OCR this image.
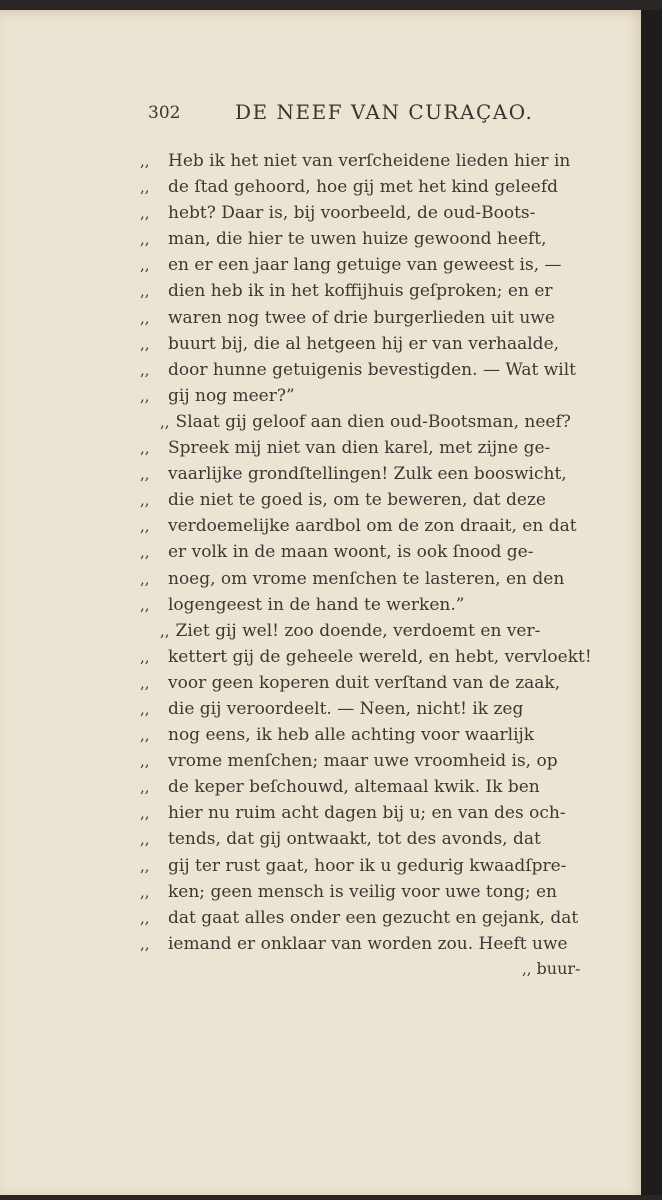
302	DE NEEF VAN CURAÇAO.
,, Heb ik het niet van verſcheidene lieden hier in
,, de ſtad gehoord, hoe gij met het kind geleefd
,, hebt? Daar is, bij voorbeeld, de oud-Boots-
,, man, die hier te uwen huize gewoond heeft,
,, en er een jaar lang getuige van geweest is, —
,, dien heb ik in het koffijhuis geſproken; en er
,, waren nog twee of drie burgerlieden uit uwe
,, buurt bij, die al hetgeen hij er van verhaalde,
,, door hunne getuigenis bevestigden. — Wat wilt
,, gij nog meer?”
,, Slaat gij geloof aan dien oud-Bootsman, neef?
,, Spreek mij niet van dien karel, met zijne ge-
,, vaarlijke grondſtellingen! Zulk een booswicht,
,, die niet te goed is, om te beweren, dat deze
,, verdoemelijke aardbol om de zon draait, en dat
,, er volk in de maan woont, is ook ſnood ge-
,, noeg, om vrome menſchen te lasteren, en den
,, logengeest in de hand te werken.”
,, Ziet gij wel! zoo doende, verdoemt en ver-
,, kettert gij de geheele wereld, en hebt, vervloekt!
,, voor geen koperen duit verſtand van de zaak,
,, die gij veroordeelt. — Neen, nicht! ik zeg
,, nog eens, ik heb alle achting voor waarlijk
,, vrome menſchen; maar uwe vroomheid is, op
,, de keper beſchouwd, altemaal kwik. Ik ben
,, hier nu ruim acht dagen bij u; en van des och-
,, tends, dat gij ontwaakt, tot des avonds, dat
,, gij ter rust gaat, hoor ik u gedurig kwaadſpre-
,, ken; geen mensch is veilig voor uwe tong; en
,, dat gaat alles onder een gezucht en gejank, dat
,, iemand er onklaar van worden zou. Heeft uwe
,, buur-
